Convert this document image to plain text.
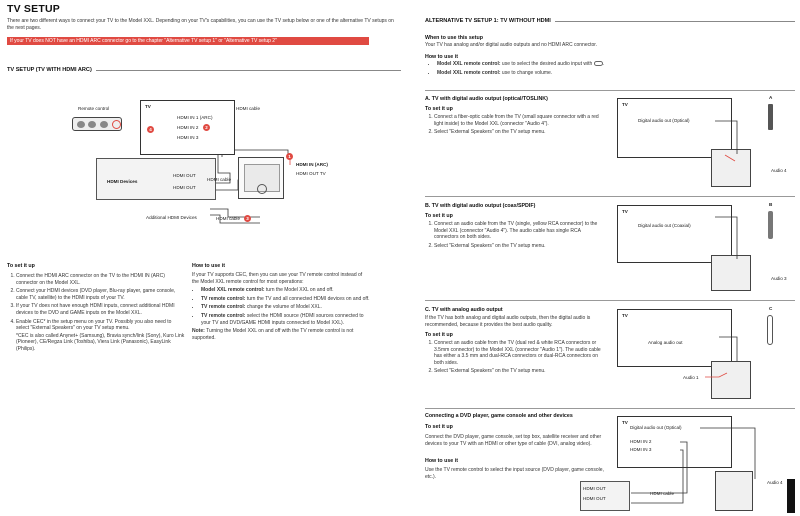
TV SETUP
There are two different ways to connect your TV to the Model XXL. Depending on your TV's capabilities, you can use the TV setup below or one of the alternative TV setups on the next pages.
If your TV does NOT have an HDMI ARC connector go to the chapter "Alternative TV setup 1" or "Alternative TV setup 2"
TV SETUP (TV WITH HDMI ARC)
Remote control	TV
4
HDMI IN 1 (ARC)
HDMI IN 2	2
HDMI IN 3
HDMI cable
HDMI Devices
HDMI OUT
HDMI OUT
HDMI cable
1
HDMI IN (ARC)
HDMI OUT TV
Additional HDMI Devices	HDMI cable	3
To set it up
1. Connect the HDMI ARC connector on the TV to the HDMI IN (ARC) connector on the Model XXL.
2. Connect your HDMI devices (DVD player, Blu-ray player, game console, cable TV, satellite) to the HDMI inputs of your TV.
3. If your TV does not have enough HDMI inputs, connect additional HDMI devices to the DVD and GAME inputs on the Model XXL.
4. Enable CEC* in the setup menu on your TV. Possibly you also need to select "External Speakers" on your TV setup menu.
*CEC is also called Anynet+ (Samsung), Bravia synch/link (Sony), Kuro Link (Pioneer), CE/Regza Link (Toshiba), Viera Link (Panasonic), EasyLink (Philips).
How to use it
If your TV supports CEC, then you can use your TV remote control instead of the Model XXL remote control for most operations:
• Model XXL remote control: turn the Model XXL on and off.
• TV remote control: turn the TV and all connected HDMI devices on and off.
• TV remote control: change the volume of Model XXL.
• TV remote control: select the HDMI source (HDMI sources connected to your TV and DVD/GAME HDMI inputs connected to Model XXL).
Note: Turning the Model XXL on and off with the TV remote control is not supported.
ALTERNATIVE TV SETUP 1: TV WITHOUT HDMI
When to use this setup
Your TV has analog and/or digital audio outputs and no HDMI ARC connector.
How to use it
• Model XXL remote control: use to select the desired audio input with .
• Model XXL remote control: use to change volume.
A. TV with digital audio output (optical/TOSLINK)
To set it up
1. Connect a fiber-optic cable from the TV (small square connector with a red light inside) to the Model XXL (connector "Audio 4").
2. Select "External Speakers" on the TV setup menu.
TV
Digital audio out (Optical)
A
Audio 4
B. TV with digital audio output (coax/SPDIF)
To set it up
1. Connect an audio cable from the TV (single, yellow RCA connector) to the Model XXL (connector "Audio 4"). The audio cable has single RCA connectors on both sides.
2. Select "External Speakers" on the TV setup menu.
TV
Digital audio out (Coaxial)
B
Audio 3
C. TV with analog audio output
If the TV has both analog and digital audio outputs, then the digital audio is recommended, because it provides the best audio quality.
To set it up
1. Connect an audio cable from the TV (dual red & white RCA connectors or 3.5mm connector) to the Model XXL (connector "Audio 1"). The audio cable has either a 3.5 mm and dual-RCA connectors or dual-RCA connectors on both sides.
2. Select "External Speakers" on the TV setup menu.
TV
Analog audio out
C
Audio 1
Connecting a DVD player, game console and other devices
To set it up
Connect the DVD player, game console, set top box, satellite receiver and other devices to your TV with an HDMI or other type of cable (DVI, analog video).
How to use it
Use the TV remote control to select the input source (DVD player, game console, etc.).
TV
Digital audio out (Optical)
HDMI IN 2
HDMI IN 3
HDMI OUT
HDMI OUT
HDMI cable
Audio 4
